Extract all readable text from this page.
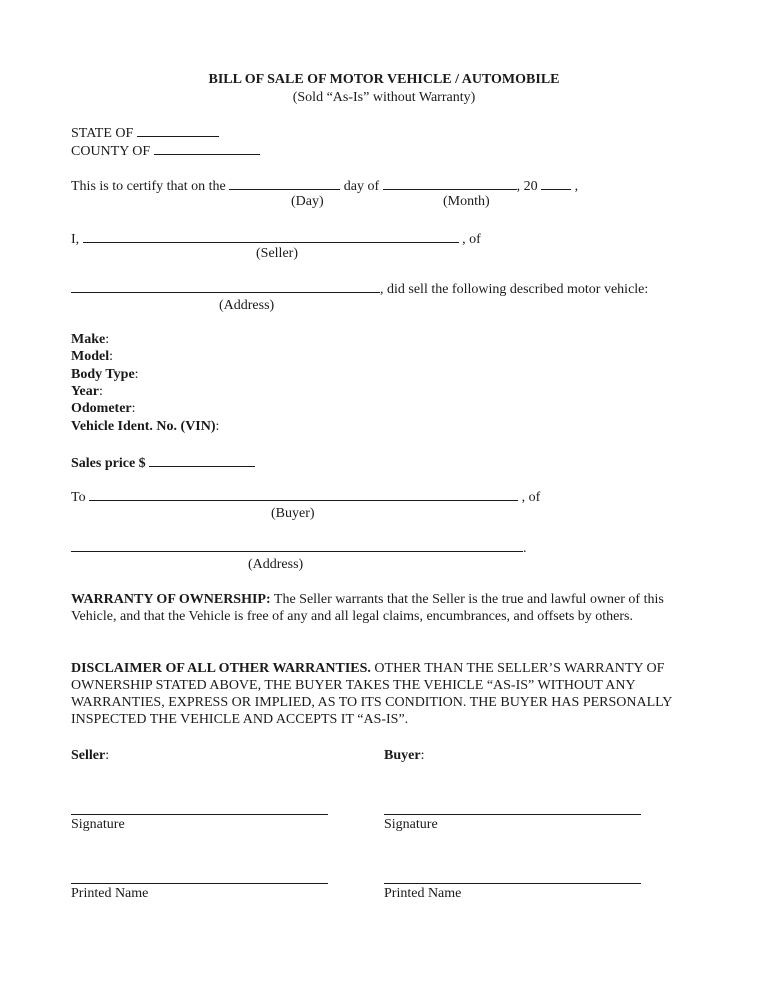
BILL OF SALE OF MOTOR VEHICLE / AUTOMOBILE
(Sold “As-Is” without Warranty)
STATE OF
COUNTY OF
This is to certify that on the	day of	, 20	,
(Day)	(Month)
I,	, of
(Seller)
, did sell the following described motor vehicle:
(Address)
Make:
Model:
Body Type:
Year:
Odometer:
Vehicle Ident. No. (VIN):
Sales price $
To	, of
(Buyer)
.
(Address)
WARRANTY OF OWNERSHIP: The Seller warrants that the Seller is the true and lawful owner of this Vehicle, and that the Vehicle is free of any and all legal claims, encumbrances, and offsets by others.
DISCLAIMER OF ALL OTHER WARRANTIES. OTHER THAN THE SELLER’S WARRANTY OF OWNERSHIP STATED ABOVE, THE BUYER TAKES THE VEHICLE “AS-IS” WITHOUT ANY WARRANTIES, EXPRESS OR IMPLIED, AS TO ITS CONDITION. THE BUYER HAS PERSONALLY INSPECTED THE VEHICLE AND ACCEPTS IT “AS-IS”.
Seller:	Buyer:
Signature	Signature
Printed Name	Printed Name
